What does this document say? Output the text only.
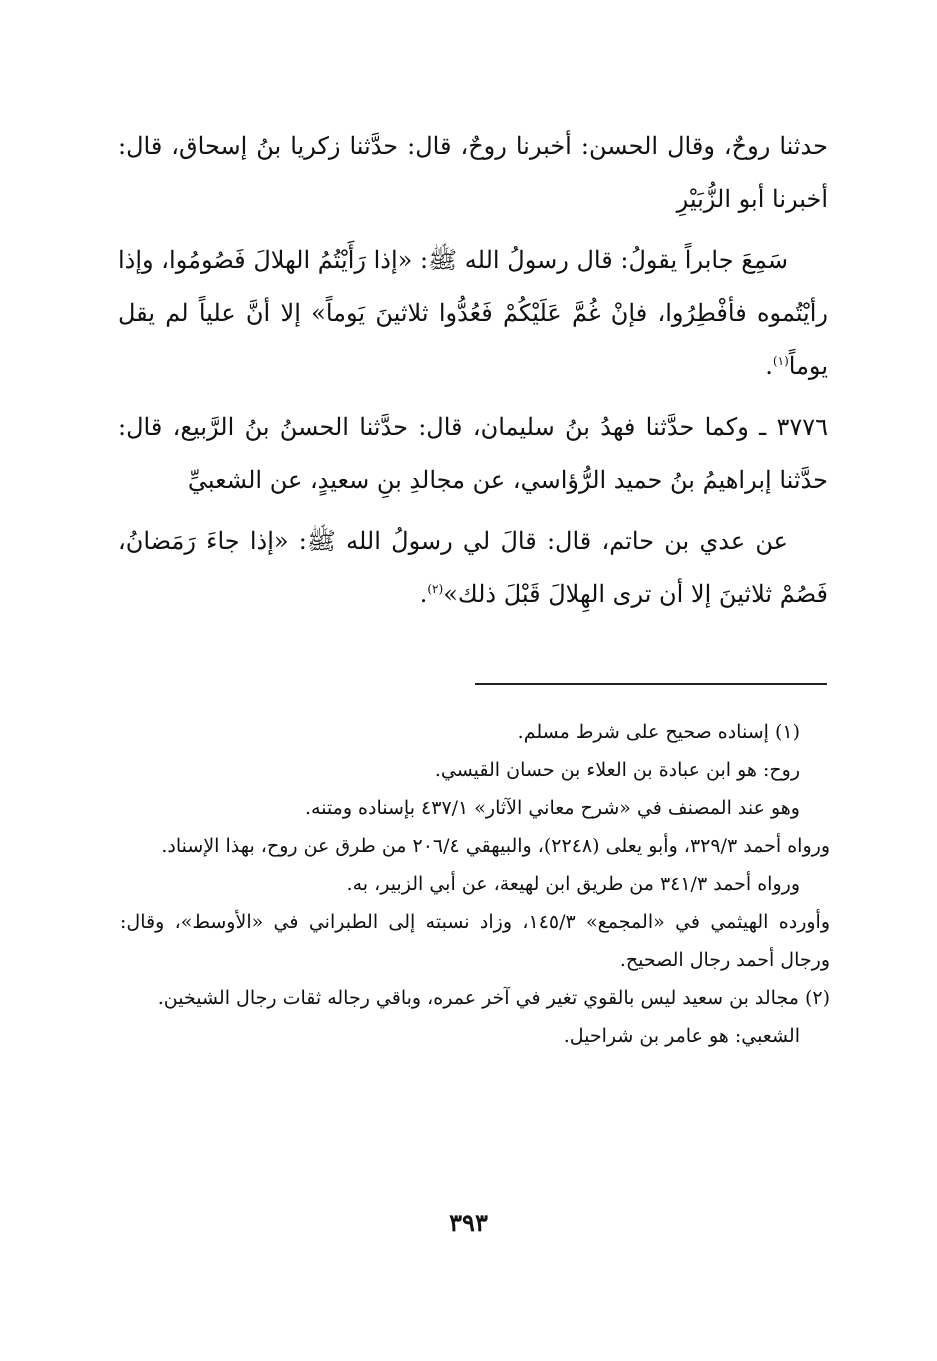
حدثنا روحٌ، وقال الحسن: أخبرنا روحٌ، قال: حدَّثنا زكريا بنُ إسحاق، قال: أخبرنا أبو الزُّبَيْرِ

سَمِعَ جابراً يقولُ: قال رسولُ الله ﷺ: «إذا رَأَيْتُمُ الهلالَ فَصُومُوا، وإذا رأيْتُموه فأفْطِرُوا، فإنْ غُمَّ عَلَيْكُمْ فَعُدُّوا ثلاثينَ يَوماً» إلا أنَّ علياً لم يقل يوماً$^{(١)}$.

٣٧٧٦ ـ وكما حدَّثنا فهدُ بنُ سليمان، قال: حدَّثنا الحسنُ بنُ الرَّبيع، قال: حدَّثنا إبراهيمُ بنُ حميد الرُّؤاسي، عن مجالدِ بنِ سعيدٍ، عن الشعبيِّ

عن عدي بن حاتم، قال: قالَ لي رسولُ الله ﷺ: «إذا جاءَ رَمَضانُ، فَصُمْ ثلاثينَ إلا أن ترى الهِلالَ قَبْلَ ذلك»$^{(٢)}$.

(١) إسناده صحيح على شرط مسلم.

روح: هو ابن عبادة بن العلاء بن حسان القيسي.

وهو عند المصنف في «شرح معاني الآثار» ٤٣٧/١ بإسناده ومتنه.

ورواه أحمد ٣٢٩/٣، وأبو يعلى (٢٢٤٨)، والبيهقي ٢٠٦/٤ من طرق عن روح، بهذا الإسناد.

ورواه أحمد ٣٤١/٣ من طريق ابن لهيعة، عن أبي الزبير، به.

وأورده الهيثمي في «المجمع» ١٤٥/٣، وزاد نسبته إلى الطبراني في «الأوسط»، وقال: ورجال أحمد رجال الصحيح.

(٢) مجالد بن سعيد ليس بالقوي تغير في آخر عمره، وباقي رجاله ثقات رجال الشيخين.

الشعبي: هو عامر بن شراحيل.

٣٩٣
